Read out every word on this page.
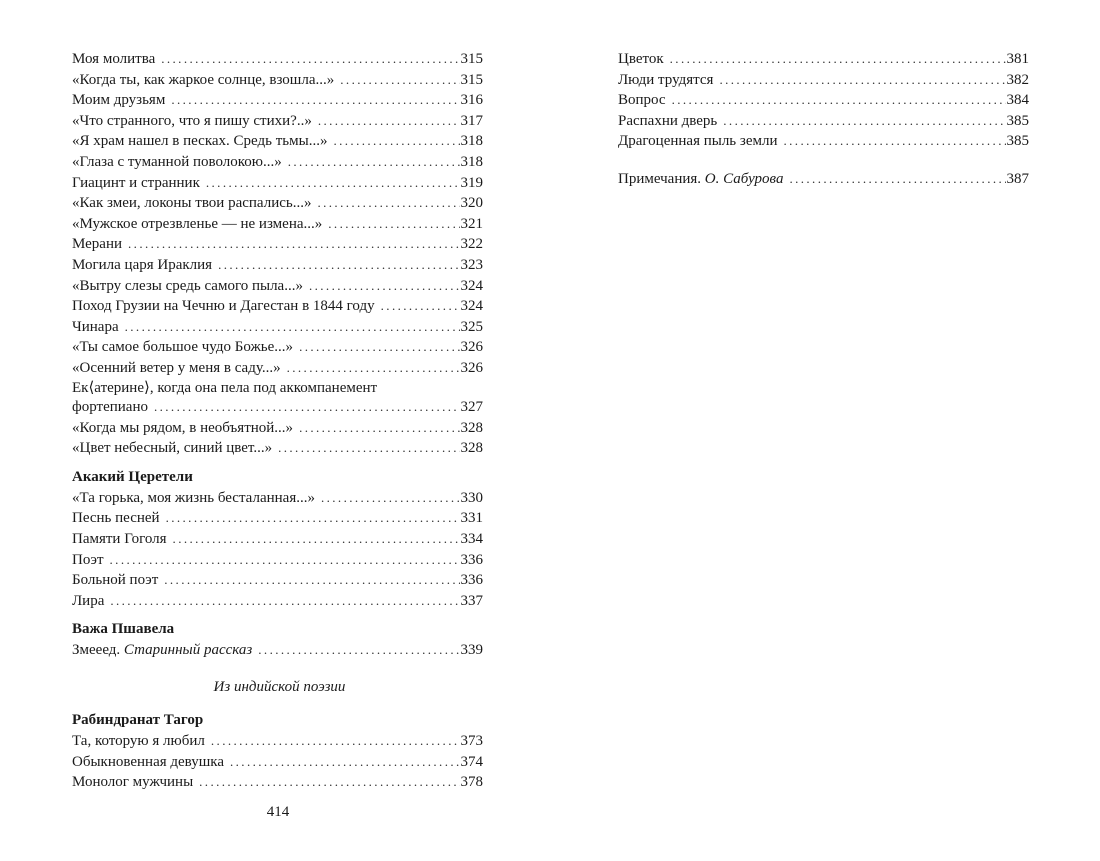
Моя молитва .....	315
«Когда ты, как жаркое солнце, взошла...» .....	315
Моим друзьям .....	316
«Что странного, что я пишу стихи?..» .....	317
«Я храм нашел в песках. Средь тьмы...» .....	318
«Глаза с туманной поволокою...» .....	318
Гиацинт и странник .....	319
«Как змеи, локоны твои распались...» .....	320
«Мужское отрезвленье — не измена...» .....	321
Мерани .....	322
Могила царя Ираклия .....	323
«Вытру слезы средь самого пыла...» .....	324
Поход Грузии на Чечню и Дагестан в 1844 году .....	324
Чинара .....	325
«Ты самое большое чудо Божье...» .....	326
«Осенний ветер у меня в саду...» .....	326
Ек⟨атерине⟩, когда она пела под аккомпанемент
фортепиано .....	327
«Когда мы рядом, в необъятной...» .....	328
«Цвет небесный, синий цвет...» .....	328
Акакий Церетели
«Та горька, моя жизнь бесталанная...» .....	330
Песнь песней .....	331
Памяти Гоголя .....	334
Поэт .....	336
Больной поэт .....	336
Лира .....	337
Важа Пшавела
Змееед. Старинный рассказ .....	339
Из индийской поэзии
Рабиндранат Тагор
Та, которую я любил .....	373
Обыкновенная девушка .....	374
Монолог мужчины .....	378
Цветок .....	381
Люди трудятся .....	382
Вопрос .....	384
Распахни дверь .....	385
Драгоценная пыль земли .....	385
Примечания. О. Сабурова .....	387
414
